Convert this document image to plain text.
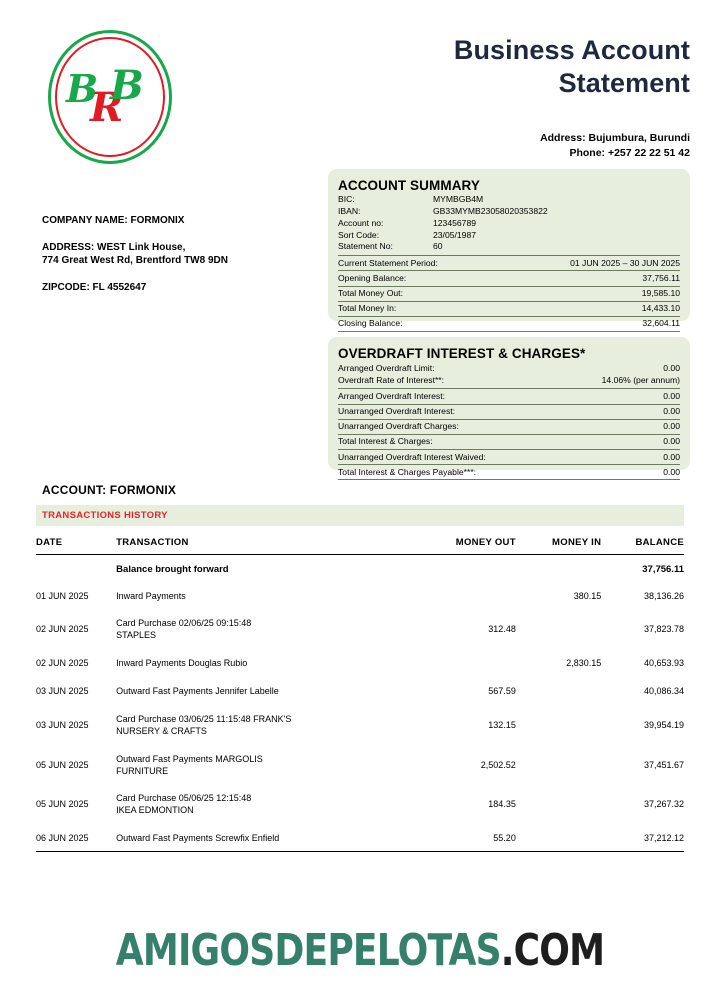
B
R
B
Business Account
Statement
Address: Bujumbura, Burundi
Phone: +257 22 22 51 42
COMPANY NAME: FORMONIX
ADDRESS: WEST Link House,
774 Great West Rd, Brentford TW8 9DN
ZIPCODE: FL 4552647
ACCOUNT SUMMARY
BIC:	MYMBGB4M
IBAN:	GB33MYMB23058020353822
Account no:	123456789
Sort Code:	23/05/1987
Statement No:	60
Current Statement Period:	01 JUN 2025 – 30 JUN 2025
Opening Balance:	37,756.11
Total Money Out:	19,585.10
Total Money In:	14,433.10
Closing Balance:	32,604.11
OVERDRAFT INTEREST & CHARGES*
Arranged Overdraft Limit:	0.00
Overdraft Rate of Interest**:	14.06% (per annum)
Arranged Overdraft Interest:	0.00
Unarranged Overdraft Interest:	0.00
Unarranged Overdraft Charges:	0.00
Total Interest & Charges:	0.00
Unarranged Overdraft Interest Waived:	0.00
Total Interest & Charges Payable***:	0.00
ACCOUNT: FORMONIX
TRANSACTIONS HISTORY
DATE	TRANSACTION	MONEY OUT	MONEY IN	BALANCE
	Balance brought forward			37,756.11
01 JUN 2025	Inward Payments		380.15	38,136.26
02 JUN 2025	Card Purchase 02/06/25 09:15:48
STAPLES	312.48		37,823.78
02 JUN 2025	Inward Payments Douglas Rubio		2,830.15	40,653.93
03 JUN 2025	Outward Fast Payments Jennifer Labelle	567.59		40,086.34
03 JUN 2025	Card Purchase 03/06/25 11:15:48 FRANK'S
NURSERY & CRAFTS	132.15		39,954.19
05 JUN 2025	Outward Fast Payments MARGOLIS
FURNITURE	2,502.52		37,451.67
05 JUN 2025	Card Purchase 05/06/25 12:15:48
IKEA EDMONTION	184.35		37,267.32
06 JUN 2025	Outward Fast Payments Screwfix Enfield	55.20		37,212.12
AMIGOSDEPELOTAS.COM
